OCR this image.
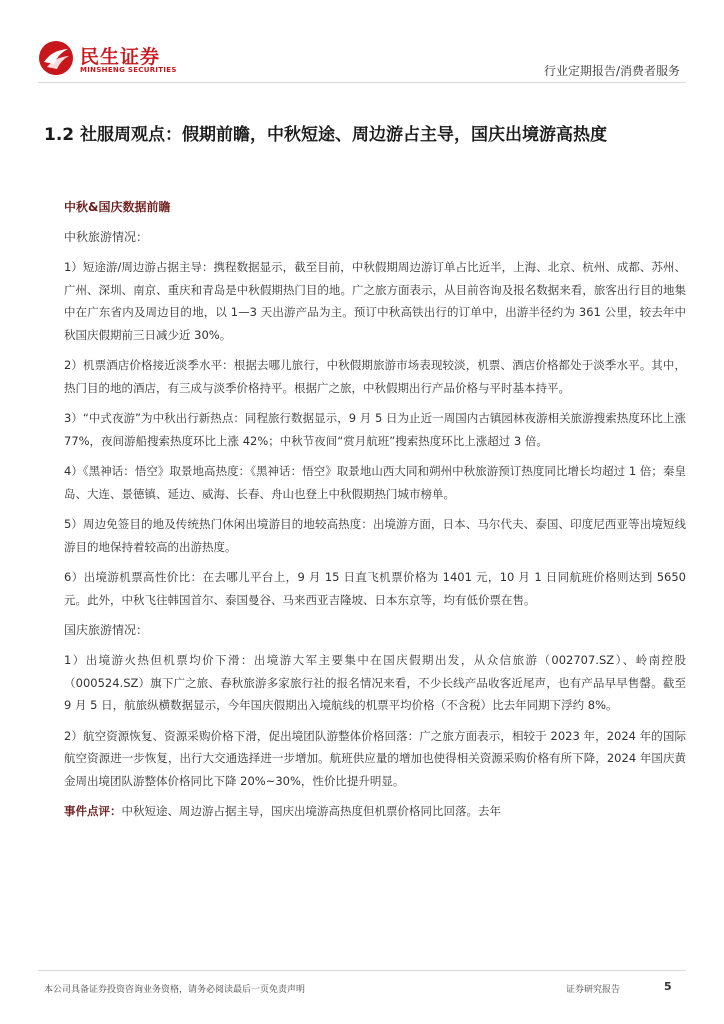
民生证券
MINSHENG SECURITIES	行业定期报告/消费者服务
1.2 社服周观点：假期前瞻，中秋短途、周边游占主导，国庆出境游高热度
中秋&国庆数据前瞻
中秋旅游情况：

1）短途游/周边游占据主导：携程数据显示，截至目前，中秋假期周边游订单占比近半，上海、北京、杭州、成都、苏州、广州、深圳、南京、重庆和青岛是中秋假期热门目的地。广之旅方面表示，从目前咨询及报名数据来看，旅客出行目的地集中在广东省内及周边目的地，以 1—3 天出游产品为主。预订中秋高铁出行的订单中，出游半径约为 361 公里，较去年中秋国庆假期前三日减少近 30%。

2）机票酒店价格接近淡季水平：根据去哪儿旅行，中秋假期旅游市场表现较淡，机票、酒店价格都处于淡季水平。其中，热门目的地的酒店，有三成与淡季价格持平。根据广之旅，中秋假期出行产品价格与平时基本持平。

3）“中式夜游”为中秋出行新热点：同程旅行数据显示，9 月 5 日为止近一周国内古镇园林夜游相关旅游搜索热度环比上涨 77%，夜间游船搜索热度环比上涨 42%；中秋节夜间“赏月航班”搜索热度环比上涨超过 3 倍。

4）《黑神话：悟空》取景地高热度：《黑神话：悟空》取景地山西大同和朔州中秋旅游预订热度同比增长均超过 1 倍；秦皇岛、大连、景德镇、延边、威海、长春、舟山也登上中秋假期热门城市榜单。

5）周边免签目的地及传统热门休闲出境游目的地较高热度：出境游方面，日本、马尔代夫、泰国、印度尼西亚等出境短线游目的地保持着较高的出游热度。

6）出境游机票高性价比：在去哪儿平台上，9 月 15 日直飞机票价格为 1401 元，10 月 1 日同航班价格则达到 5650 元。此外，中秋飞往韩国首尔、泰国曼谷、马来西亚吉隆坡、日本东京等，均有低价票在售。

国庆旅游情况：

1）出境游火热但机票均价下滑：出境游大军主要集中在国庆假期出发，从众信旅游（002707.SZ）、岭南控股（000524.SZ）旗下广之旅、春秋旅游多家旅行社的报名情况来看，不少长线产品收客近尾声，也有产品早早售罄。截至 9 月 5 日，航旅纵横数据显示，今年国庆假期出入境航线的机票平均价格（不含税）比去年同期下浮约 8%。

2）航空资源恢复、资源采购价格下滑，促出境团队游整体价格回落：广之旅方面表示，相较于 2023 年，2024 年的国际航空资源进一步恢复，出行大交通选择进一步增加。航班供应量的增加也使得相关资源采购价格有所下降，2024 年国庆黄金周出境团队游整体价格同比下降 20%~30%，性价比提升明显。

事件点评：中秋短途、周边游占据主导，国庆出境游高热度但机票价格同比回落。去年

本公司具备证券投资咨询业务资格，请务必阅读最后一页免责声明	证券研究报告	5
